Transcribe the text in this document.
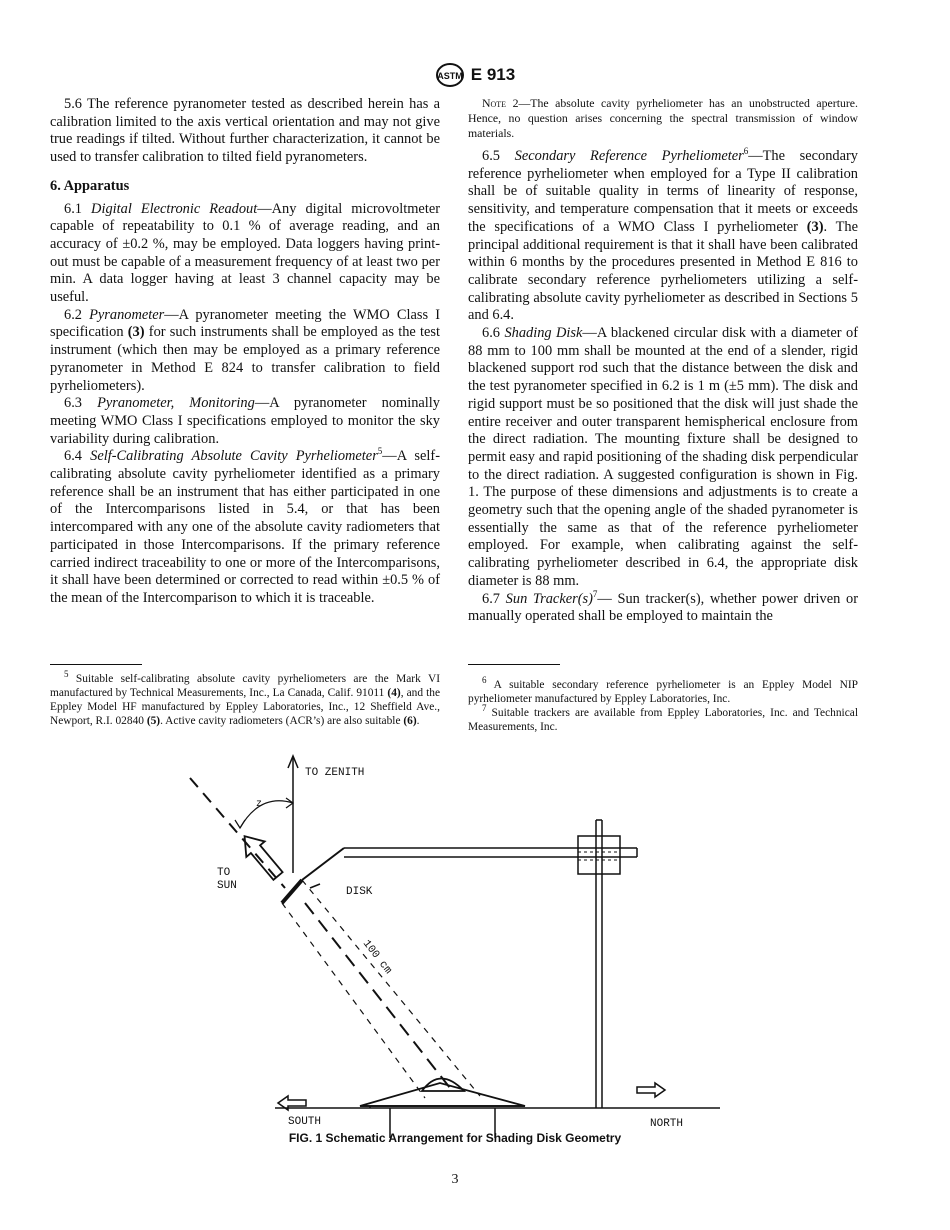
ASTM E 913

5.6 The reference pyranometer tested as described herein has a calibration limited to the axis vertical orientation and may not give true readings if tilted. Without further characterization, it cannot be used to transfer calibration to tilted field pyranometers.

6. Apparatus

6.1 Digital Electronic Readout—Any digital microvoltmeter capable of repeatability to 0.1 % of average reading, and an accuracy of ±0.2 %, may be employed. Data loggers having print-out must be capable of a measurement frequency of at least two per min. A data logger having at least 3 channel capacity may be useful.

6.2 Pyranometer—A pyranometer meeting the WMO Class I specification (3) for such instruments shall be employed as the test instrument (which then may be employed as a primary reference pyranometer in Method E 824 to transfer calibration to field pyrheliometers).

6.3 Pyranometer, Monitoring—A pyranometer nominally meeting WMO Class I specifications employed to monitor the sky variability during calibration.

6.4 Self-Calibrating Absolute Cavity Pyrheliometer$^5$—A self-calibrating absolute cavity pyrheliometer identified as a primary reference shall be an instrument that has either participated in one of the Intercomparisons listed in 5.4, or that has been intercompared with any one of the absolute cavity radiometers that participated in those Intercomparisons. If the primary reference carried indirect traceability to one or more of the Intercomparisons, it shall have been determined or corrected to read within ±0.5 % of the mean of the Intercomparison to which it is traceable.

Note 2—The absolute cavity pyrheliometer has an unobstructed aperture. Hence, no question arises concerning the spectral transmission of window materials.

6.5 Secondary Reference Pyrheliometer$^6$—The secondary reference pyrheliometer when employed for a Type II calibration shall be of suitable quality in terms of linearity of response, sensitivity, and temperature compensation that it meets or exceeds the specifications of a WMO Class I pyrheliometer (3). The principal additional requirement is that it shall have been calibrated within 6 months by the procedures presented in Method E 816 to calibrate secondary reference pyrheliometers utilizing a self-calibrating absolute cavity pyrheliometer as described in Sections 5 and 6.4.

6.6 Shading Disk—A blackened circular disk with a diameter of 88 mm to 100 mm shall be mounted at the end of a slender, rigid blackened support rod such that the distance between the disk and the test pyranometer specified in 6.2 is 1 m (±5 mm). The disk and rigid support must be so positioned that the disk will just shade the entire receiver and outer transparent hemispherical enclosure from the direct radiation. The mounting fixture shall be designed to permit easy and rapid positioning of the shading disk perpendicular to the direct radiation. A suggested configuration is shown in Fig. 1. The purpose of these dimensions and adjustments is to create a geometry such that the opening angle of the shaded pyranometer is essentially the same as that of the reference pyrheliometer employed. For example, when calibrating against the self-calibrating pyrheliometer described in 6.4, the appropriate disk diameter is 88 mm.

6.7 Sun $Tracker(s)^7—$ Sun tracker(s), whether power driven or manually operated shall be employed to maintain the

$^5$ Suitable self-calibrating absolute cavity pyrheliometers are the Mark VI manufactured by Technical Measurements, Inc., La Canada, Calif. 91011 (4), and the Eppley Model HF manufactured by Eppley Laboratories, Inc., 12 Sheffield Ave., Newport, R.I. 02840 (5). Active cavity radiometers (ACR’s) are also suitable (6).

$^6$ A suitable secondary reference pyrheliometer is an Eppley Model NIP pyrheliometer manufactured by Eppley Laboratories, Inc.

$^7$ Suitable trackers are available from Eppley Laboratories, Inc. and Technical Measurements, Inc.

TO ZENITH
z
TO
SUN	DISK
100 cm
SOUTH	NORTH
FIG. 1 Schematic Arrangement for Shading Disk Geometry
3
